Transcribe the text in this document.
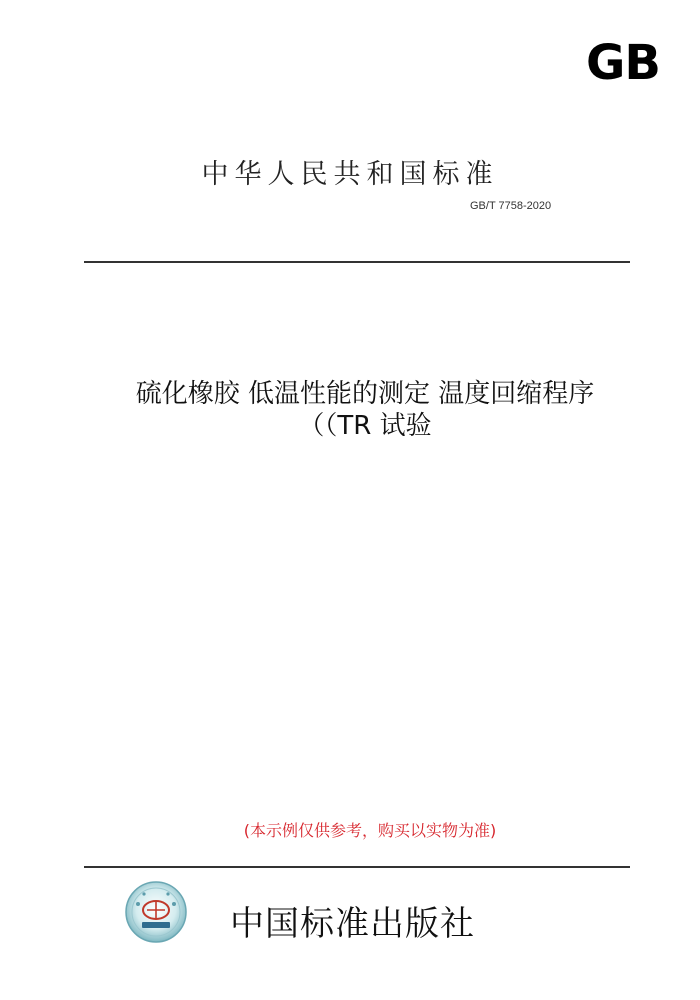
GB
中华人民共和国标准
GB/T 7758-2020
硫化橡胶 低温性能的测定 温度回缩程序
（（TR 试验
(本示例仅供参考，购买以实物为准)
中国标准出版社
